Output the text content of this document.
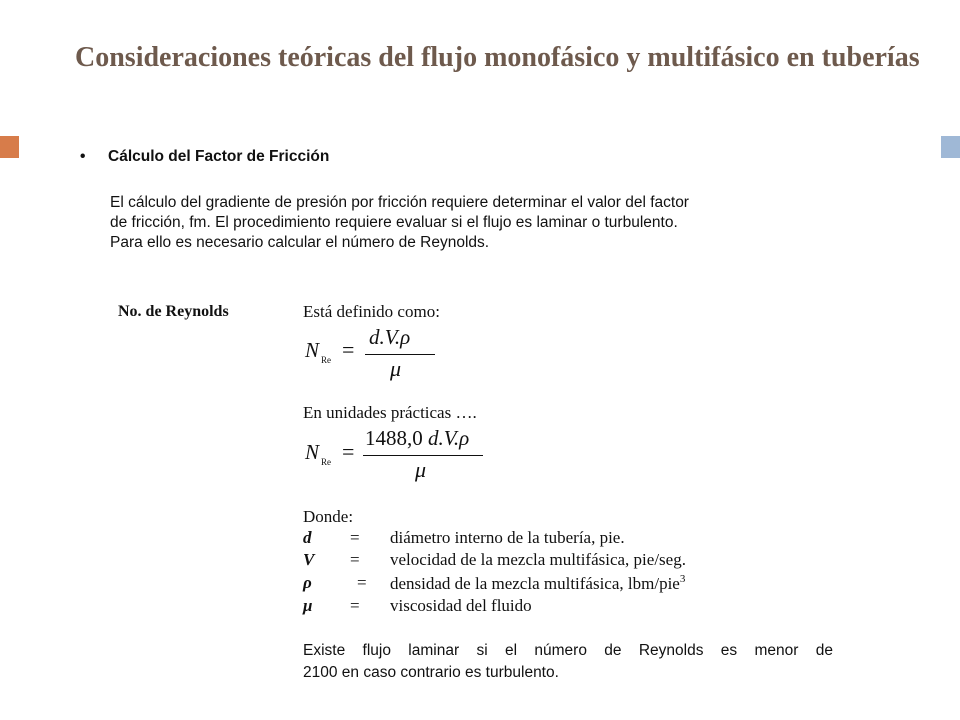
Consideraciones teóricas del flujo monofásico y multifásico en tuberías
• Cálculo del Factor de Fricción

El cálculo del gradiente de presión por fricción requiere determinar el valor del factor
de fricción, fm. El procedimiento requiere evaluar si el flujo es laminar o turbulento.
Para ello es necesario calcular el número de Reynolds.

No. de Reynolds	Está definido como:
N Re = d.V.ρ
μ
En unidades prácticas ….
N Re =
1488,0 d.V.ρ
μ
Donde:
d = diámetro interno de la tubería, pie.
V = velocidad de la mezcla multifásica, pie/seg.
ρ	= densidad de la mezcla multifásica, lbm/pie$^3$
μ = viscosidad del fluido

Existe flujo laminar si el número de Reynolds es menor de
2100 en caso contrario es turbulento.
